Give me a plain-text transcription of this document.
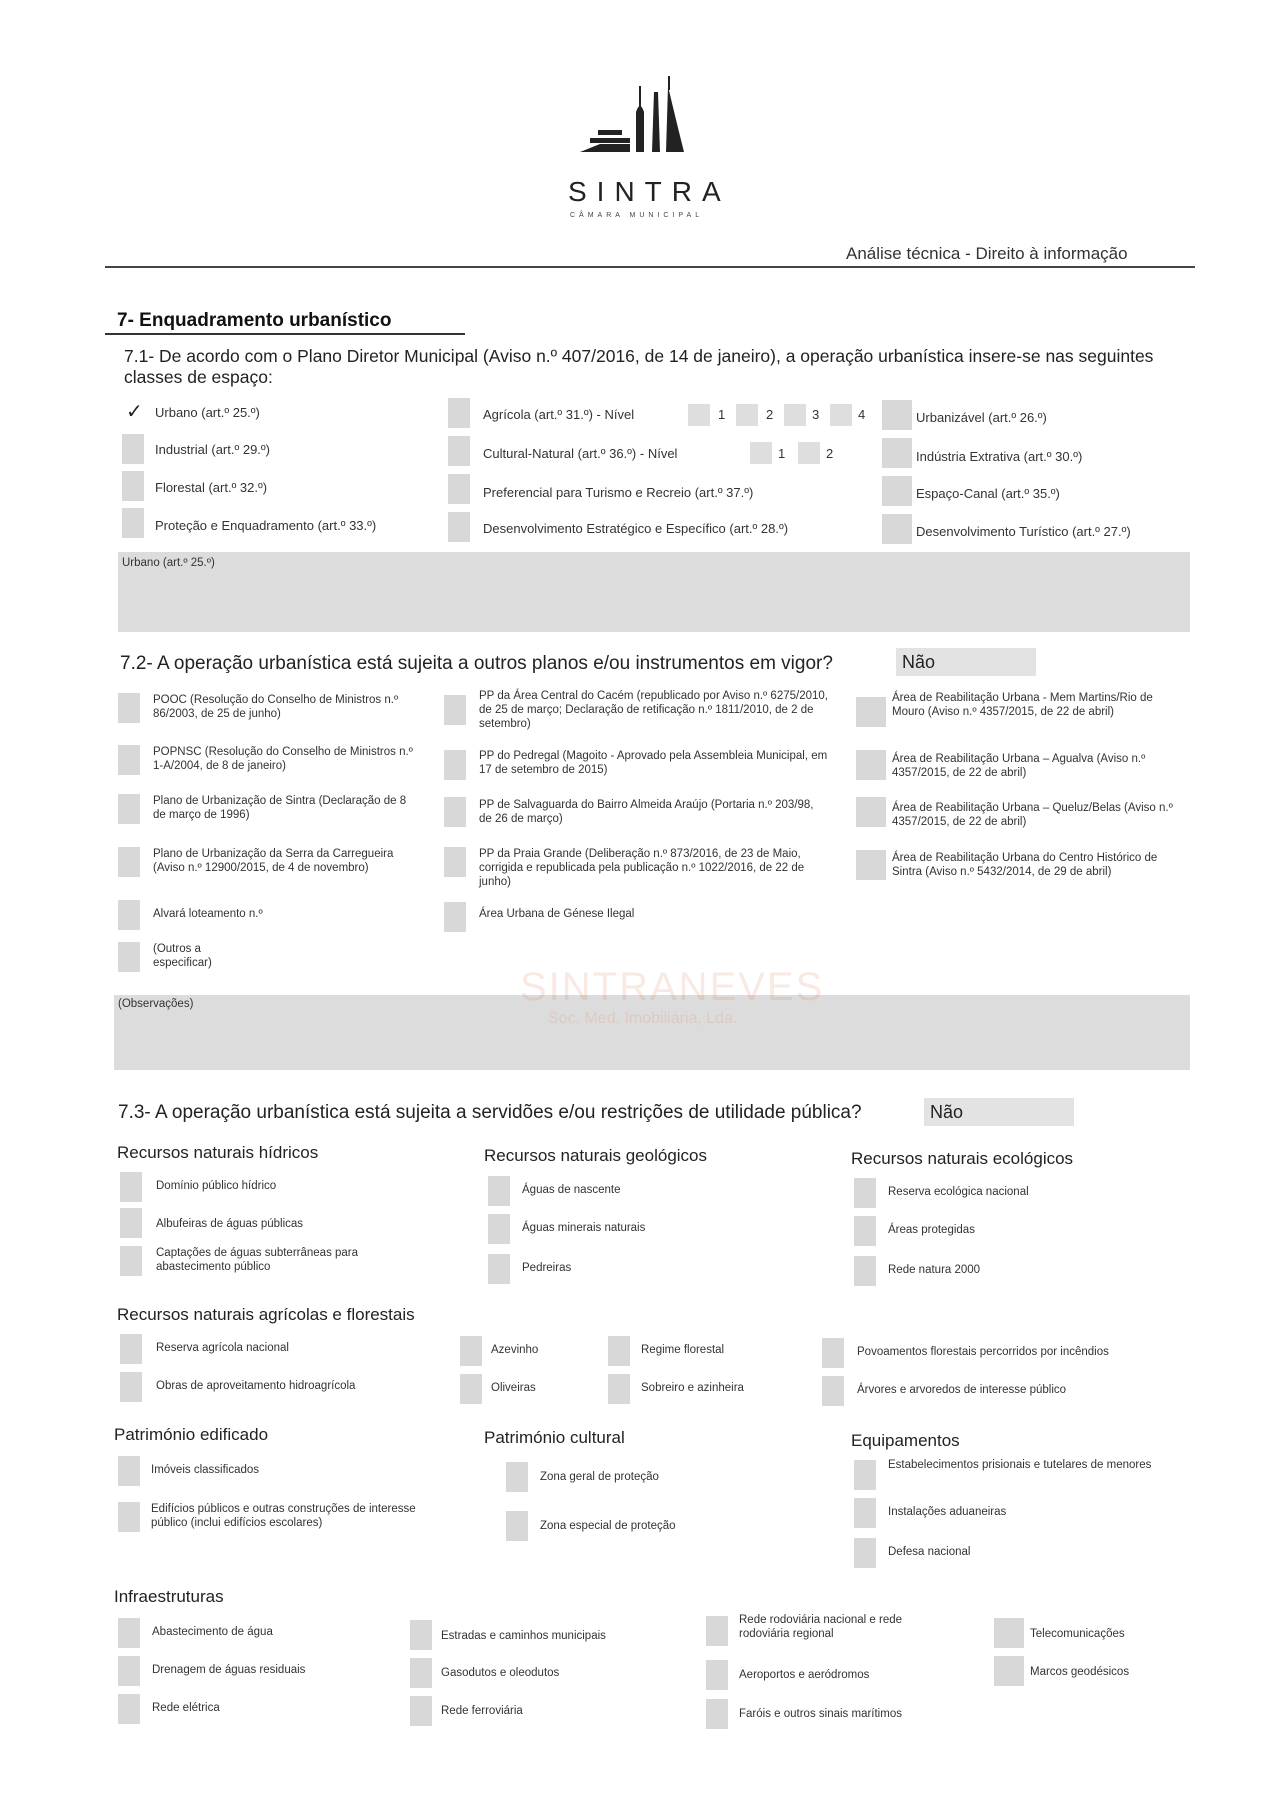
SINTRA
CÂMARA MUNICIPAL
Análise técnica - Direito à informação
7- Enquadramento urbanístico
7.1- De acordo com o Plano Diretor Municipal (Aviso n.º 407/2016, de 14 de janeiro), a operação urbanística insere-se nas seguintes classes de espaço:
✓ Urbano (art.º 25.º)
Industrial (art.º 29.º)
Florestal (art.º 32.º)
Proteção e Enquadramento (art.º 33.º)
Agrícola (art.º 31.º) - Nível	1	2	3	4
Cultural-Natural (art.º 36.º) - Nível	1	2
Preferencial para Turismo e Recreio (art.º 37.º)
Desenvolvimento Estratégico e Específico (art.º 28.º)
Urbanizável (art.º 26.º)
Indústria Extrativa (art.º 30.º)
Espaço-Canal (art.º 35.º)
Desenvolvimento Turístico (art.º 27.º)
Urbano (art.º 25.º)
7.2- A operação urbanística está sujeita a outros planos e/ou instrumentos em vigor?	Não
POOC (Resolução do Conselho de Ministros n.º 86/2003, de 25 de junho)
POPNSC (Resolução do Conselho de Ministros n.º 1-A/2004, de 8 de janeiro)
Plano de Urbanização de Sintra (Declaração de 8 de março de 1996)
Plano de Urbanização da Serra da Carregueira (Aviso n.º 12900/2015, de 4 de novembro)
Alvará loteamento n.º
(Outros a especificar)
PP da Área Central do Cacém (republicado por Aviso n.º 6275/2010, de 25 de março; Declaração de retificação n.º 1811/2010, de 2 de setembro)
PP do Pedregal (Magoito - Aprovado pela Assembleia Municipal, em 17 de setembro de 2015)
PP de Salvaguarda do Bairro Almeida Araújo (Portaria n.º 203/98, de 26 de março)
PP da Praia Grande (Deliberação n.º 873/2016, de 23 de Maio, corrigida e republicada pela publicação n.º 1022/2016, de 22 de junho)
Área Urbana de Génese Ilegal
Área de Reabilitação Urbana - Mem Martins/Rio de Mouro (Aviso n.º 4357/2015, de 22 de abril)
Área de Reabilitação Urbana – Agualva (Aviso n.º 4357/2015, de 22 de abril)
Área de Reabilitação Urbana – Queluz/Belas (Aviso n.º 4357/2015, de 22 de abril)
Área de Reabilitação Urbana do Centro Histórico de Sintra (Aviso n.º 5432/2014, de 29 de abril)
(Observações)	SINTRANEVES
Soc. Med. Imobiliária, Lda.
7.3- A operação urbanística está sujeita a servidões e/ou restrições de utilidade pública?	Não
Recursos naturais hídricos
Domínio público hídrico
Albufeiras de águas públicas
Captações de águas subterrâneas para abastecimento público
Recursos naturais geológicos
Águas de nascente
Águas minerais naturais
Pedreiras
Recursos naturais ecológicos
Reserva ecológica nacional
Áreas protegidas
Rede natura 2000
Recursos naturais agrícolas e florestais
Reserva agrícola nacional
Obras de aproveitamento hidroagrícola
Azevinho
Oliveiras
Regime florestal
Sobreiro e azinheira
Povoamentos florestais percorridos por incêndios
Árvores e arvoredos de interesse público
Património edificado
Imóveis classificados
Edifícios públicos e outras construções de interesse público (inclui edifícios escolares)
Património cultural
Zona geral de proteção
Zona especial de proteção
Equipamentos
Estabelecimentos prisionais e tutelares de menores
Instalações aduaneiras
Defesa nacional
Infraestruturas
Abastecimento de água
Drenagem de águas residuais
Rede elétrica
Estradas e caminhos municipais
Gasodutos e oleodutos
Rede ferroviária
Rede rodoviária nacional e rede rodoviária regional
Aeroportos e aeródromos
Faróis e outros sinais marítimos
Telecomunicações
Marcos geodésicos
